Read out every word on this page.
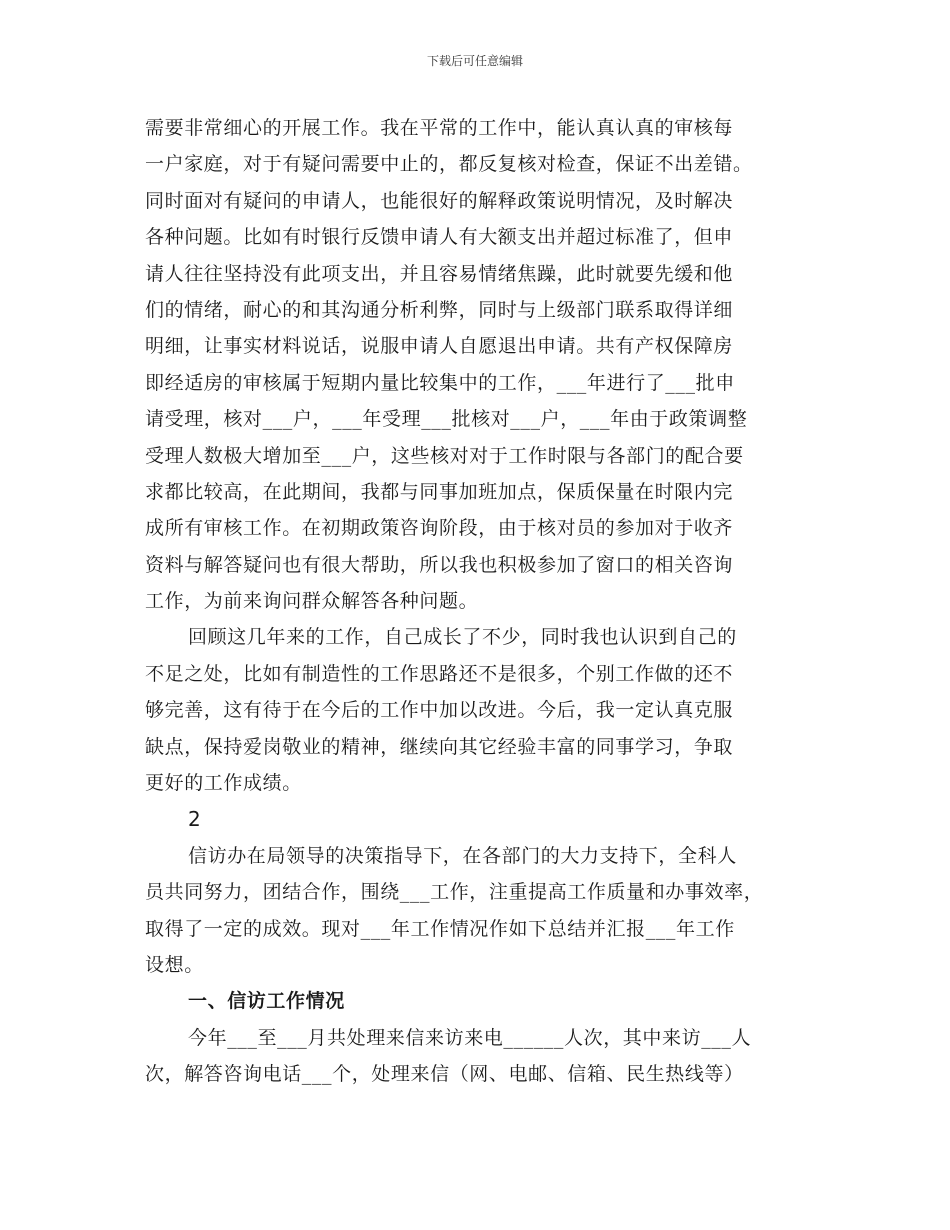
下载后可任意编辑
需要非常细心的开展工作。我在平常的工作中，能认真认真的审核每
一户家庭，对于有疑问需要中止的，都反复核对检查，保证不出差错。
同时面对有疑问的申请人，也能很好的解释政策说明情况，及时解决
各种问题。比如有时银行反馈申请人有大额支出并超过标准了，但申
请人往往坚持没有此项支出，并且容易情绪焦躁，此时就要先缓和他
们的情绪，耐心的和其沟通分析利弊，同时与上级部门联系取得详细
明细，让事实材料说话，说服申请人自愿退出申请。共有产权保障房
即经适房的审核属于短期内量比较集中的工作，___年进行了___批申
请受理，核对___户，___年受理___批核对___户，___年由于政策调整
受理人数极大增加至___户，这些核对对于工作时限与各部门的配合要
求都比较高，在此期间，我都与同事加班加点，保质保量在时限内完
成所有审核工作。在初期政策咨询阶段，由于核对员的参加对于收齐
资料与解答疑问也有很大帮助，所以我也积极参加了窗口的相关咨询
工作，为前来询问群众解答各种问题。
回顾这几年来的工作，自己成长了不少，同时我也认识到自己的
不足之处，比如有制造性的工作思路还不是很多，个别工作做的还不
够完善，这有待于在今后的工作中加以改进。今后，我一定认真克服
缺点，保持爱岗敬业的精神，继续向其它经验丰富的同事学习，争取
更好的工作成绩。
2
信访办在局领导的决策指导下，在各部门的大力支持下，全科人
员共同努力，团结合作，围绕___工作，注重提高工作质量和办事效率，
取得了一定的成效。现对___年工作情况作如下总结并汇报___年工作
设想。
一、信访工作情况
今年___至___月共处理来信来访来电______人次，其中来访___人
次，解答咨询电话___个，处理来信（网、电邮、信箱、民生热线等）
